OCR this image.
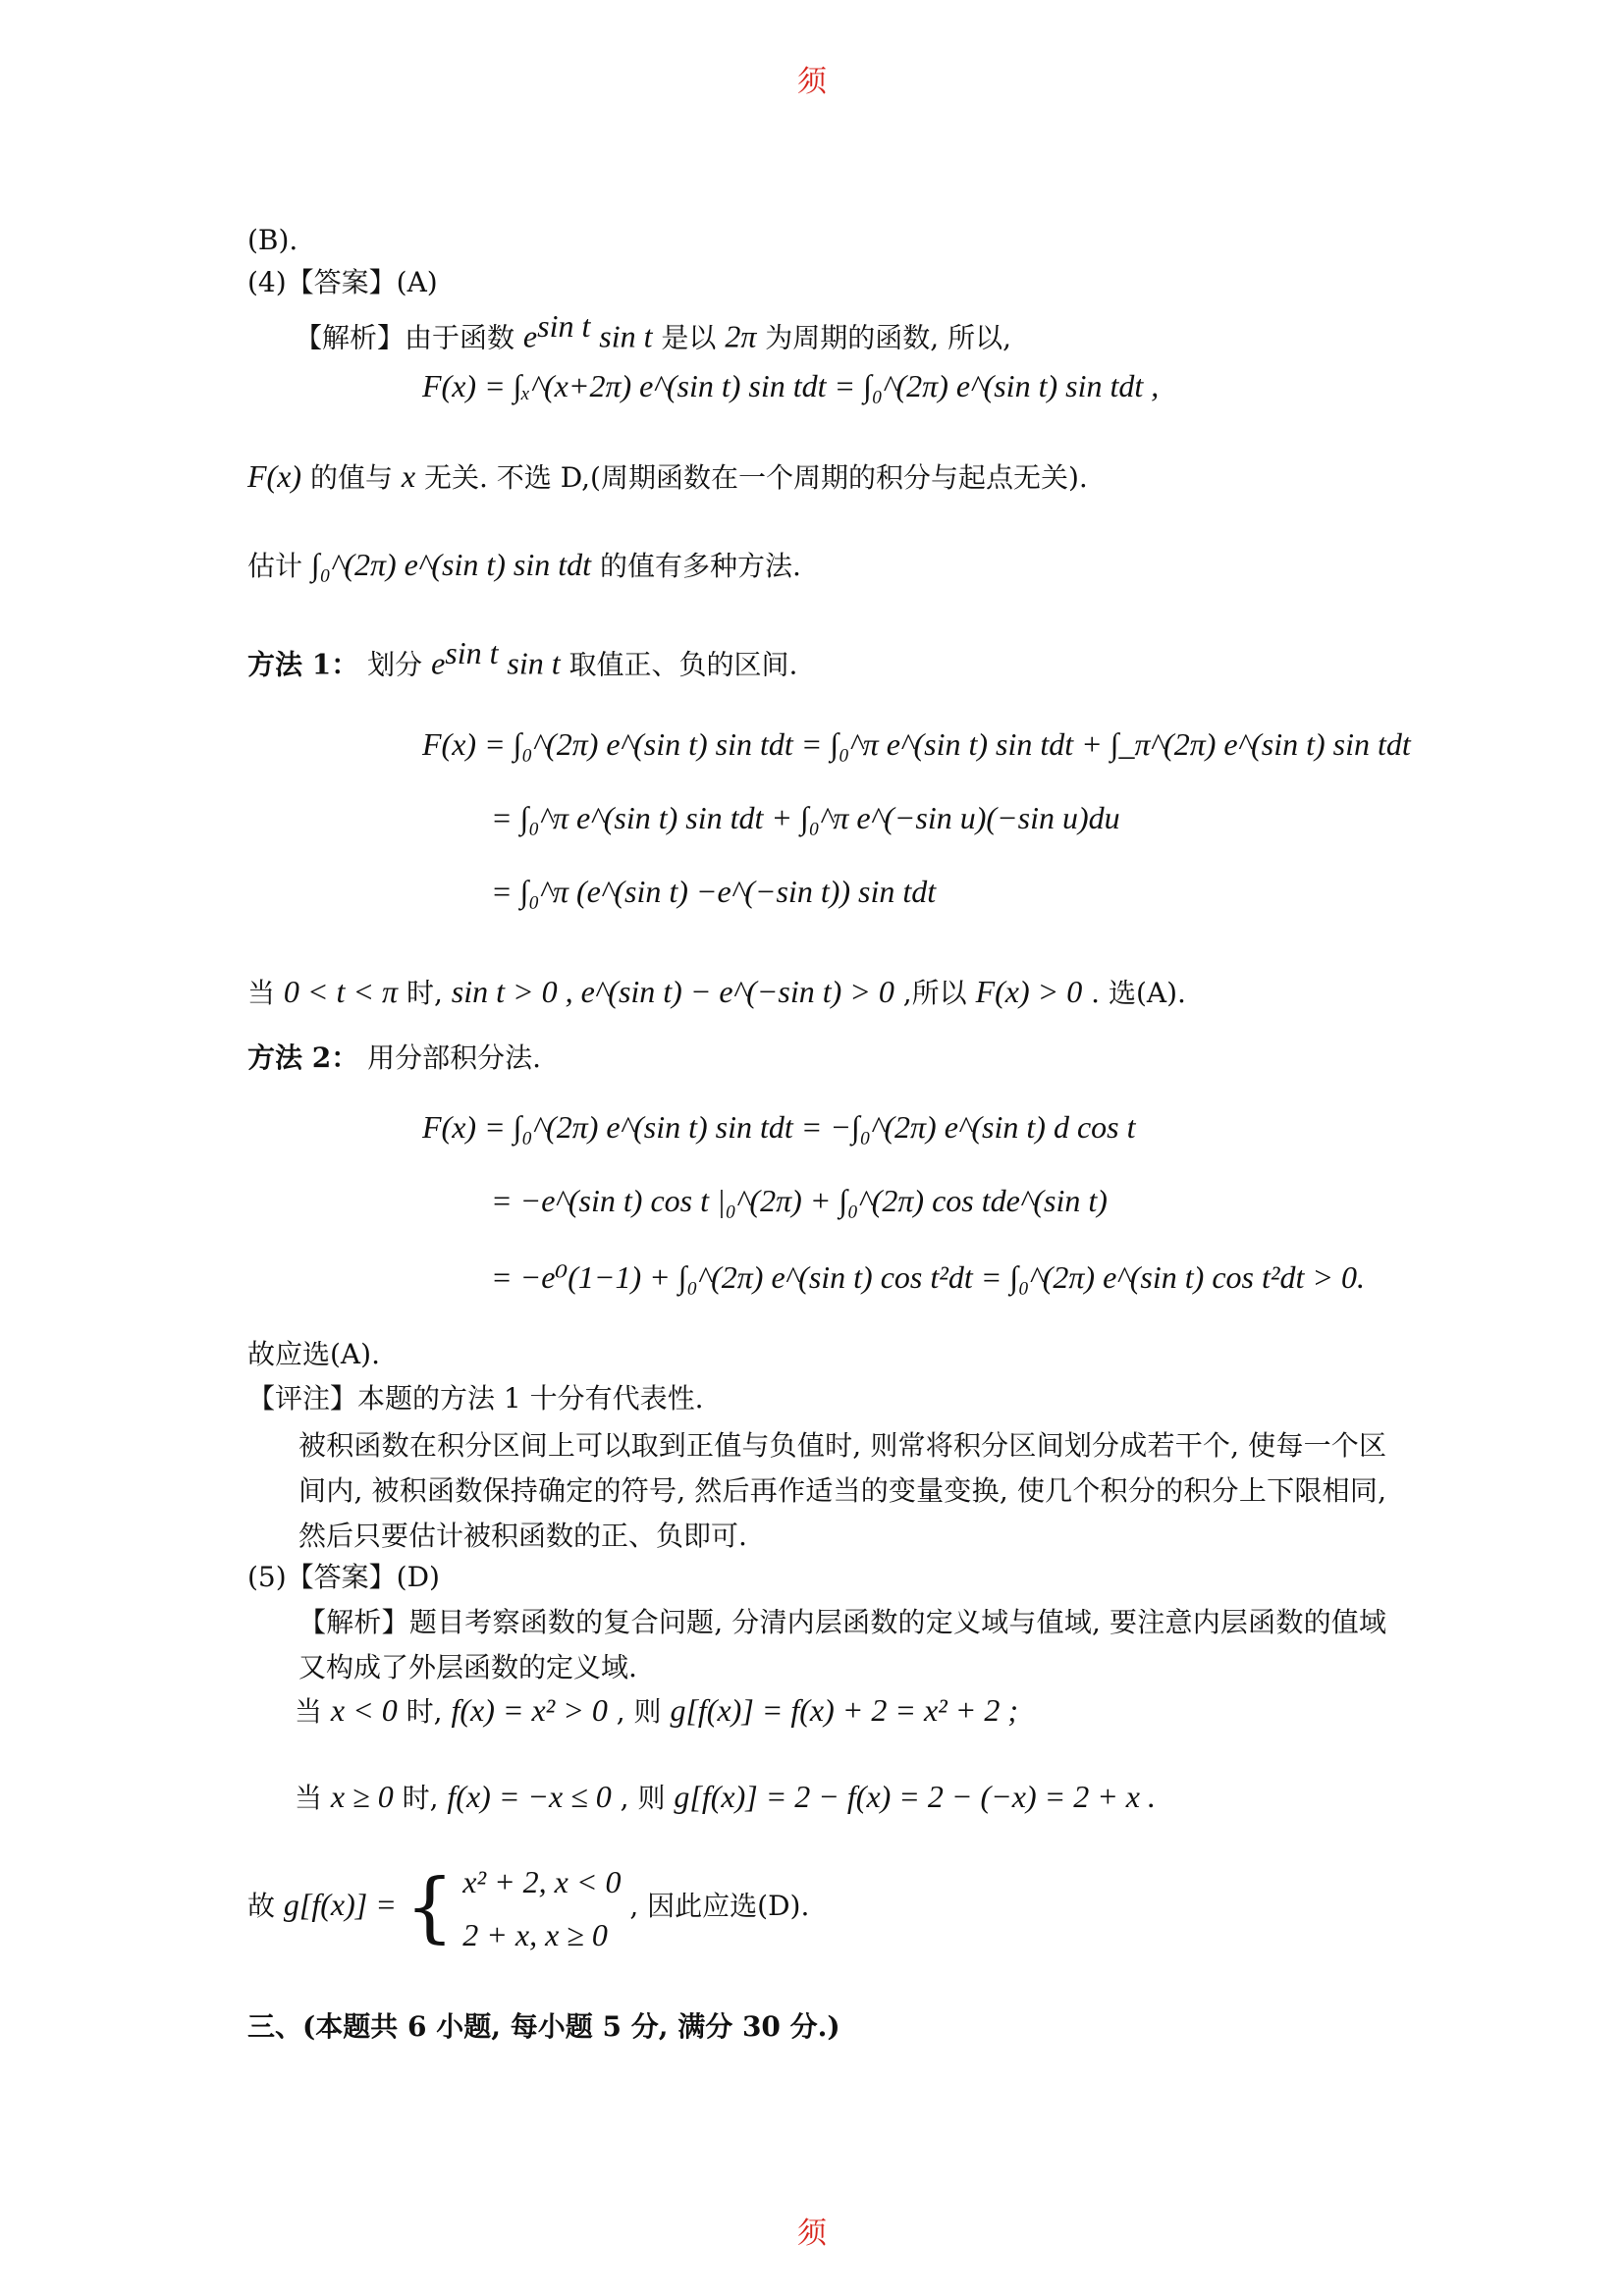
须
(B).
(4)【答案】(A)
【解析】由于函数 $e^{sin t}$ sin t 是以 2π 为周期的函数, 所以,
F(x) = ∫ₓ^(x+2π) e^(sin t) sin tdt = ∫₀^(2π) e^(sin t) sin tdt ,
F(x) 的值与 x 无关. 不选 D,(周期函数在一个周期的积分与起点无关).
估计 ∫₀^(2π) e^(sin t) sin tdt 的值有多种方法.
方法 1： 划分 $e^{sin t}$ sin t 取值正、负的区间.
F(x) = ∫₀^(2π) e^(sin t) sin tdt = ∫₀^π e^(sin t) sin tdt + ∫_π^(2π) e^(sin t) sin tdt
= ∫₀^π e^(sin t) sin tdt + ∫₀^π e^(−sin u)(−sin u)du
= ∫₀^π (e^(sin t) −e^(−sin t)) sin tdt
当 0 < t < π 时, sin t > 0 , e^(sin t) − e^(−sin t) > 0 ,所以 F(x) > 0 . 选(A).
方法 2： 用分部积分法.
F(x) = ∫₀^(2π) e^(sin t) sin tdt = −∫₀^(2π) e^(sin t) d cos t
= −e^(sin t) cos t |₀^(2π) + ∫₀^(2π) cos tde^(sin t)
= −e⁰(1−1) + ∫₀^(2π) e^(sin t) cos t²dt = ∫₀^(2π) e^(sin t) cos t²dt > 0.
故应选(A).
【评注】本题的方法 1 十分有代表性.
被积函数在积分区间上可以取到正值与负值时, 则常将积分区间划分成若干个, 使每一个区间内, 被积函数保持确定的符号, 然后再作适当的变量变换, 使几个积分的积分上下限相同, 然后只要估计被积函数的正、负即可.
(5)【答案】(D)
【解析】题目考察函数的复合问题, 分清内层函数的定义域与值域, 要注意内层函数的值域又构成了外层函数的定义域.
当 x < 0 时, f(x) = x² > 0 , 则 g[f(x)] = f(x) + 2 = x² + 2 ;
当 x ≥ 0 时, f(x) = −x ≤ 0 , 则 g[f(x)] = 2 − f(x) = 2 − (−x) = 2 + x .
故 g[f(x)] = { x² + 2, x < 0
2 + x, x ≥ 0
, 因此应选(D).
三、(本题共 6 小题, 每小题 5 分, 满分 30 分.)
须
